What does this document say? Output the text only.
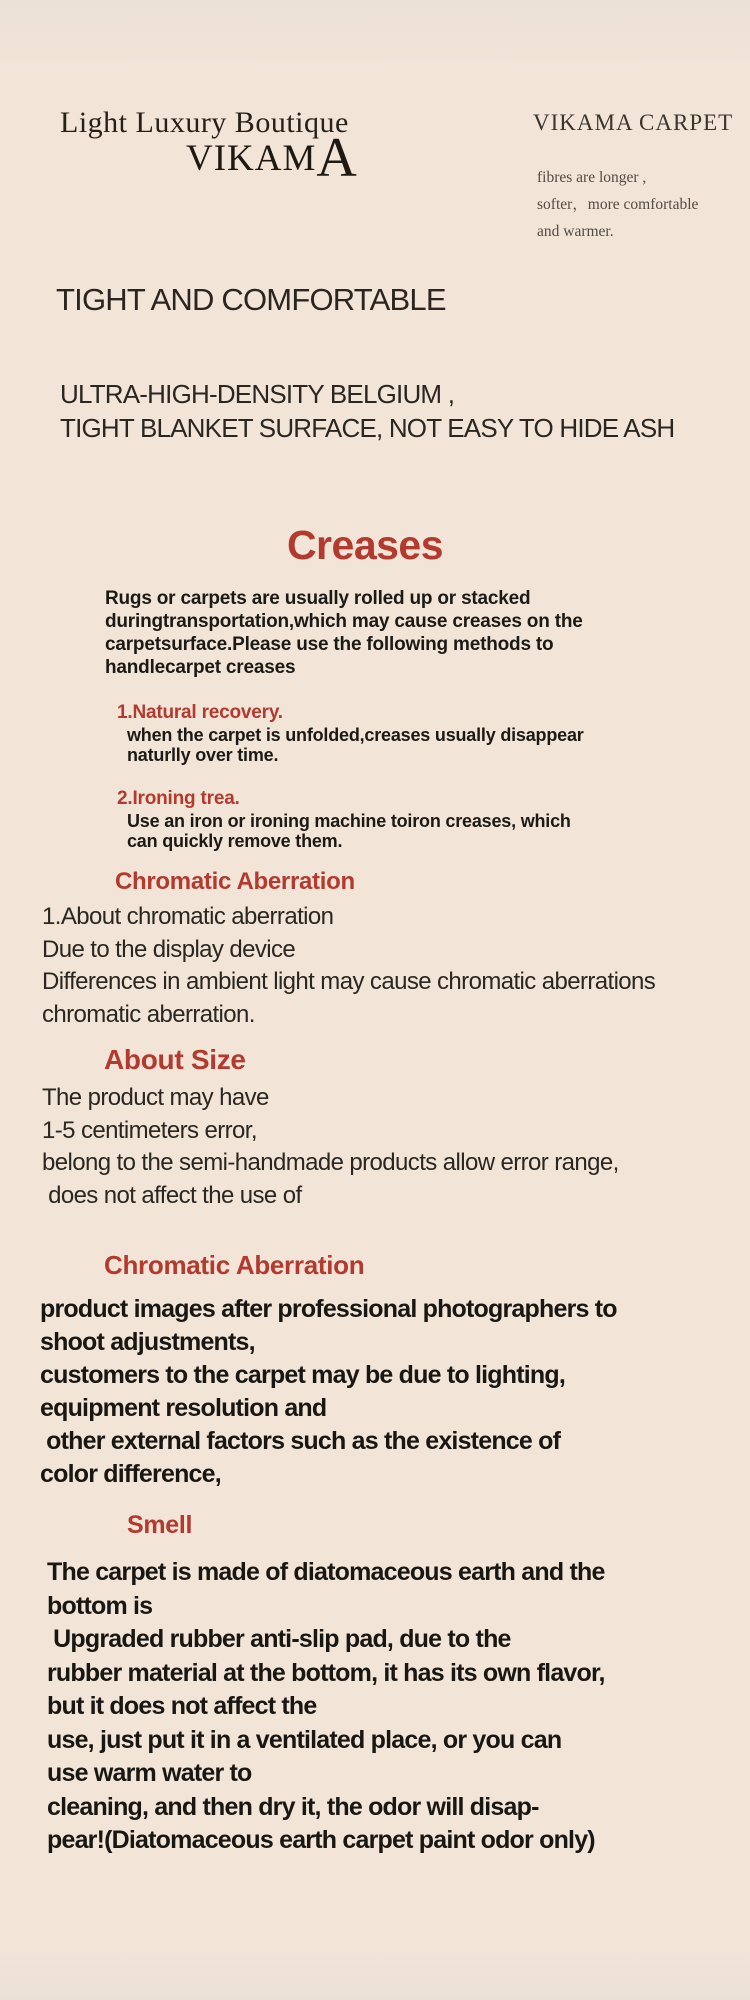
Light Luxury Boutique
VIKAMA
VIKAMA CARPET
fibres are longer ,
softer，more comfortable
and warmer.
TIGHT AND COMFORTABLE
ULTRA-HIGH-DENSITY BELGIUM ,
TIGHT BLANKET SURFACE, NOT EASY TO HIDE ASH
Creases
Rugs or carpets are usually rolled up or stacked
duringtransportation,which may cause creases on the
carpetsurface.Please use the following methods to
handlecarpet creases
1.Natural recovery.
when the carpet is unfolded,creases usually disappear
naturlly over time.
2.Ironing trea.
Use an iron or ironing machine toiron creases, which
can quickly remove them.
Chromatic Aberration
1.About chromatic aberration
Due to the display device
Differences in ambient light may cause chromatic aberrations
chromatic aberration.
About Size
The product may have
1-5 centimeters error,
belong to the semi-handmade products allow error range,
does not affect the use of
Chromatic Aberration
product images after professional photographers to
shoot adjustments,
customers to the carpet may be due to lighting,
equipment resolution and
other external factors such as the existence of
color difference,
Smell
The carpet is made of diatomaceous earth and the
bottom is
Upgraded rubber anti-slip pad, due to the
rubber material at the bottom, it has its own flavor,
but it does not affect the
use, just put it in a ventilated place, or you can
use warm water to
cleaning, and then dry it, the odor will disap-
pear!(Diatomaceous earth carpet paint odor only)
